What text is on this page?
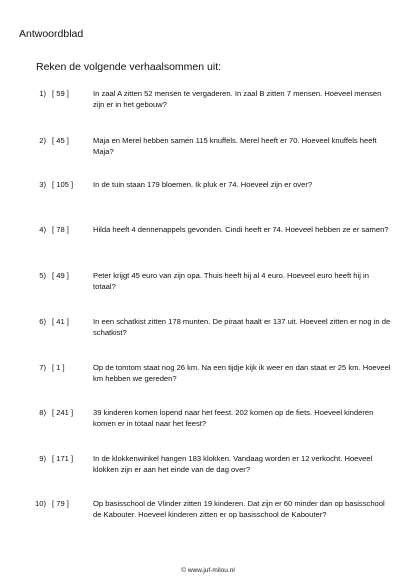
Antwoordblad
Reken de volgende verhaalsommen uit:
1) [ 59 ]	In zaal A zitten 52 mensen te vergaderen. In zaal B zitten 7 mensen. Hoeveel mensen zijn er in het gebouw?
2) [ 45 ]	Maja en Merel hebben samen 115 knuffels. Merel heeft er 70. Hoeveel knuffels heeft Maja?
3) [ 105 ]	In de tuin staan 179 bloemen. Ik pluk er 74. Hoeveel zijn er over?
4) [ 78 ]	Hilda heeft 4 dennenappels gevonden. Cindi heeft er 74. Hoeveel hebben ze er samen?
5) [ 49 ]	Peter krijgt 45 euro van zijn opa. Thuis heeft hij al 4 euro. Hoeveel euro heeft hij in totaal?
6) [ 41 ]	In een schatkist zitten 178 munten. De piraat haalt er 137 uit. Hoeveel zitten er nog in de schatkist?
7) [ 1 ]	Op de tomtom staat nog 26 km. Na een tijdje kijk ik weer en dan staat er 25 km. Hoeveel km hebben we gereden?
8) [ 241 ]	39 kinderen komen lopend naar het feest. 202 komen op de fiets. Hoeveel kinderen komen er in totaal naar het feest?
9) [ 171 ]	In de klokkenwinkel hangen 183 klokken. Vandaag worden er 12 verkocht. Hoeveel klokken zijn er aan het einde van de dag over?
10) [ 79 ]	Op basisschool de Vlinder zitten 19 kinderen. Dat zijn er 60 minder dan op basisschool de Kabouter. Hoeveel kinderen zitten er op basisschool de Kabouter?
© www.juf-milou.nl
